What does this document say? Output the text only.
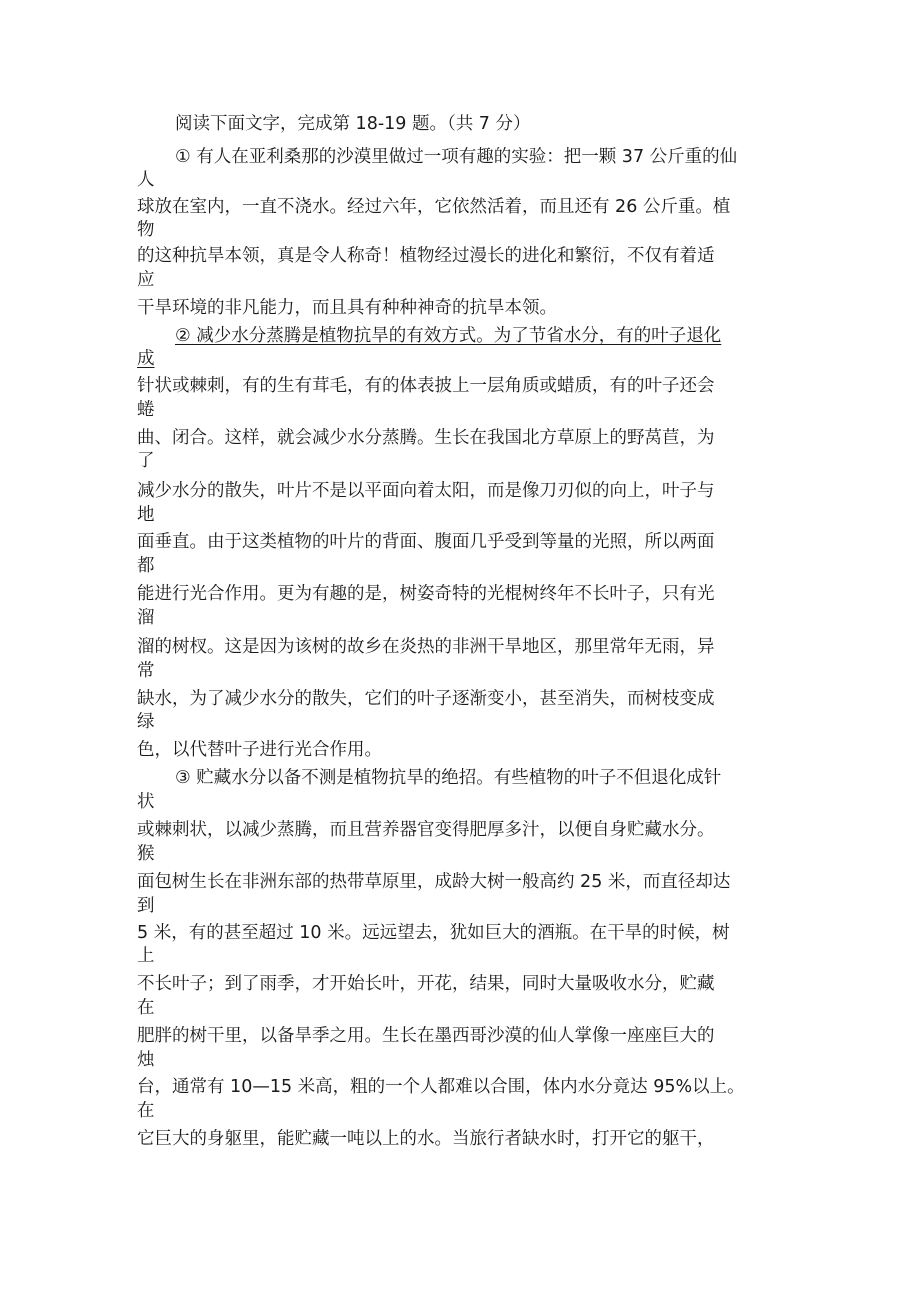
阅读下面文字，完成第 18-19 题。（共 7 分）
① 有人在亚利桑那的沙漠里做过一项有趣的实验：把一颗 37 公斤重的仙
人
球放在室内，一直不浇水。经过六年，它依然活着，而且还有 26 公斤重。植
物
的这种抗旱本领，真是令人称奇！植物经过漫长的进化和繁衍，不仅有着适
应
干旱环境的非凡能力，而且具有种种神奇的抗旱本领。
② 减少水分蒸腾是植物抗旱的有效方式。为了节省水分，有的叶子退化
成
针状或棘刺，有的生有茸毛，有的体表披上一层角质或蜡质，有的叶子还会
蜷
曲、闭合。这样，就会减少水分蒸腾。生长在我国北方草原上的野莴苣，为
了
减少水分的散失，叶片不是以平面向着太阳，而是像刀刃似的向上，叶子与
地
面垂直。由于这类植物的叶片的背面、腹面几乎受到等量的光照，所以两面
都
能进行光合作用。更为有趣的是，树姿奇特的光棍树终年不长叶子，只有光
溜
溜的树杈。这是因为该树的故乡在炎热的非洲干旱地区，那里常年无雨，异
常
缺水，为了减少水分的散失，它们的叶子逐渐变小，甚至消失，而树枝变成
绿
色，以代替叶子进行光合作用。
③ 贮藏水分以备不测是植物抗旱的绝招。有些植物的叶子不但退化成针
状
或棘刺状，以减少蒸腾，而且营养器官变得肥厚多汁，以便自身贮藏水分。
猴
面包树生长在非洲东部的热带草原里，成龄大树一般高约 25 米，而直径却达
到
5 米，有的甚至超过 10 米。远远望去，犹如巨大的酒瓶。在干旱的时候，树
上
不长叶子；到了雨季，才开始长叶，开花，结果，同时大量吸收水分，贮藏
在
肥胖的树干里，以备旱季之用。生长在墨西哥沙漠的仙人掌像一座座巨大的
烛
台，通常有 10—15 米高，粗的一个人都难以合围，体内水分竟达 95%以上。
在
它巨大的身躯里，能贮藏一吨以上的水。当旅行者缺水时，打开它的躯干，
